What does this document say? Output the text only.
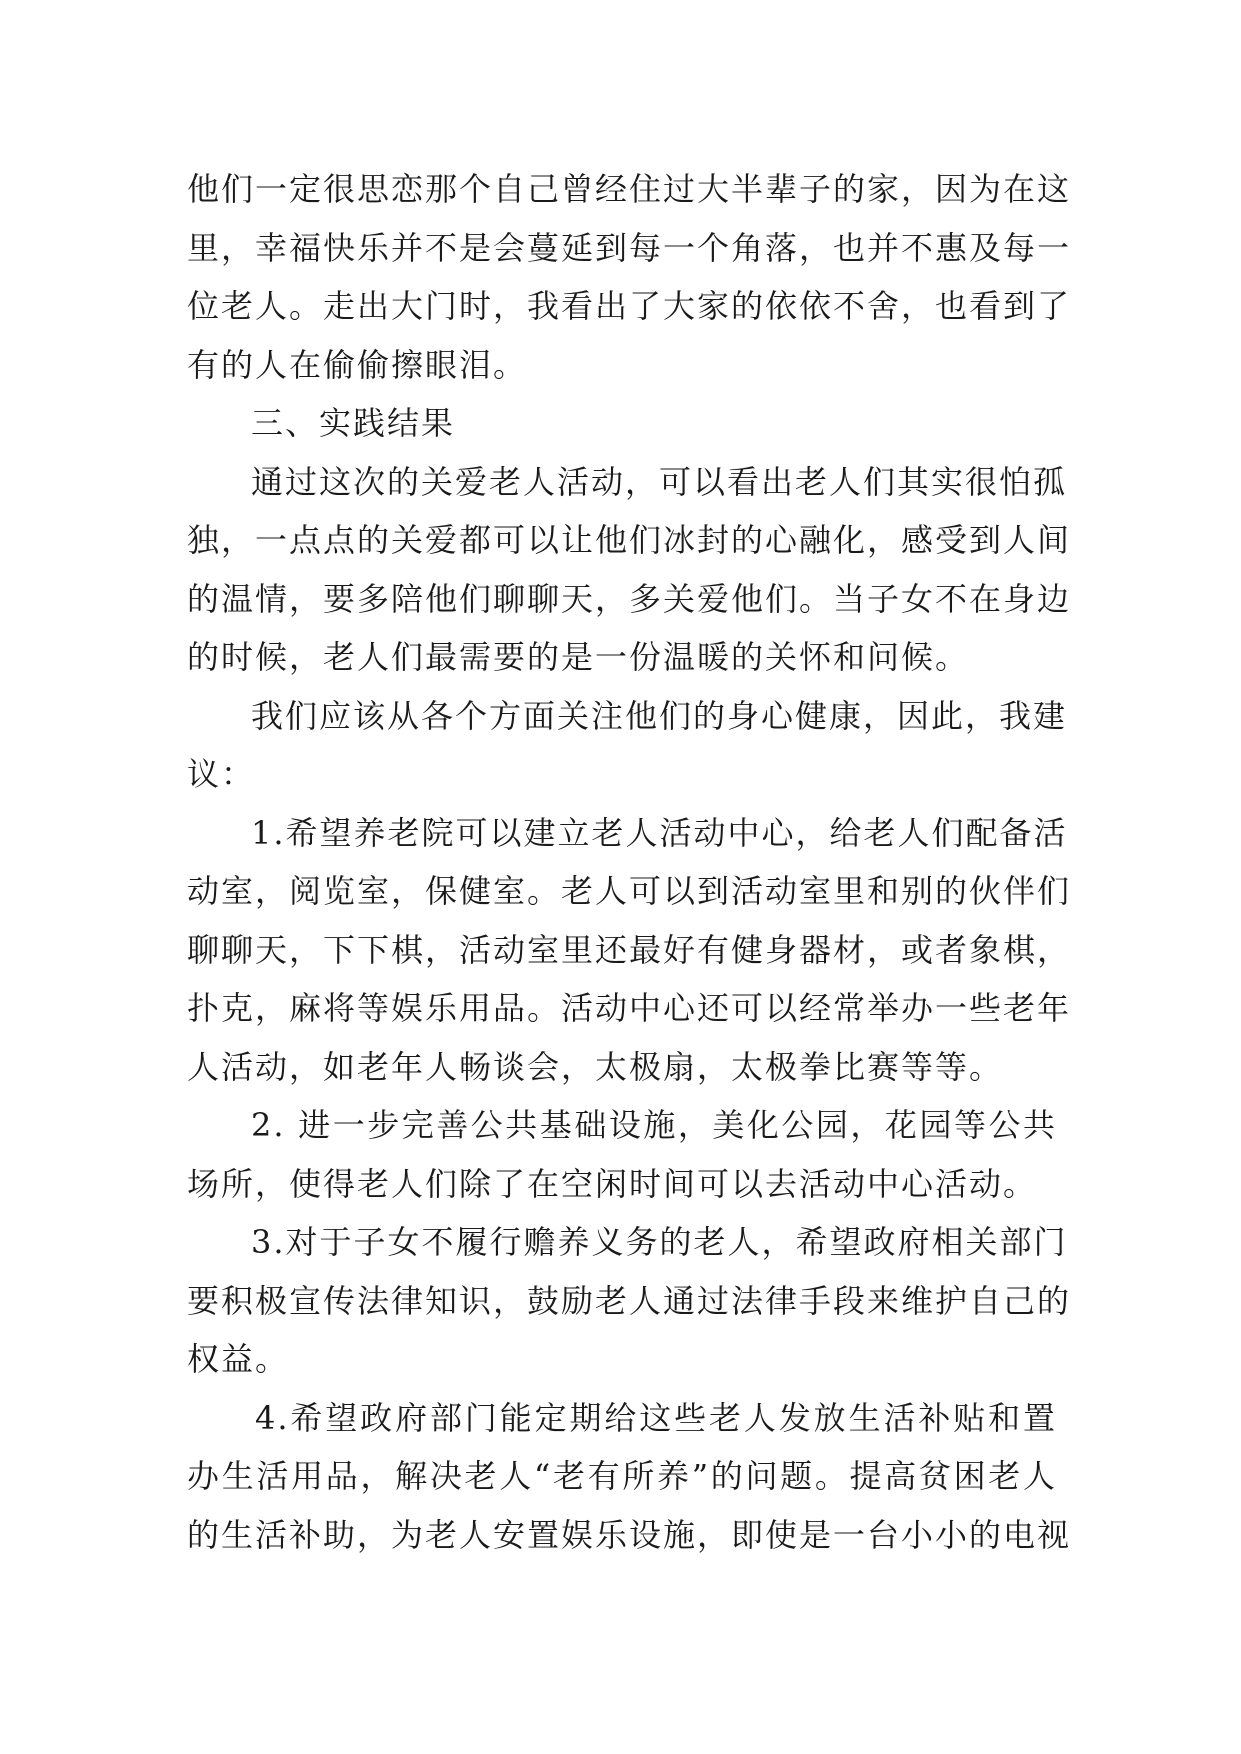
他们一定很思恋那个自己曾经住过大半辈子的家，因为在这
里，幸福快乐并不是会蔓延到每一个角落，也并不惠及每一
位老人。走出大门时，我看出了大家的依依不舍，也看到了
有的人在偷偷擦眼泪。
三、实践结果
通过这次的关爱老人活动，可以看出老人们其实很怕孤
独，一点点的关爱都可以让他们冰封的心融化，感受到人间
的温情，要多陪他们聊聊天，多关爱他们。当子女不在身边
的时候，老人们最需要的是一份温暖的关怀和问候。
我们应该从各个方面关注他们的身心健康，因此，我建
议：
1.希望养老院可以建立老人活动中心，给老人们配备活
动室，阅览室，保健室。老人可以到活动室里和别的伙伴们
聊聊天，下下棋，活动室里还最好有健身器材，或者象棋，
扑克，麻将等娱乐用品。活动中心还可以经常举办一些老年
人活动，如老年人畅谈会，太极扇，太极拳比赛等等。
2. 进一步完善公共基础设施，美化公园，花园等公共
场所，使得老人们除了在空闲时间可以去活动中心活动。
3.对于子女不履行赡养义务的老人，希望政府相关部门
要积极宣传法律知识，鼓励老人通过法律手段来维护自己的
权益。
4.希望政府部门能定期给这些老人发放生活补贴和置
办生活用品，解决老人“老有所养”的问题。提高贫困老人
的生活补助，为老人安置娱乐设施，即使是一台小小的电视
